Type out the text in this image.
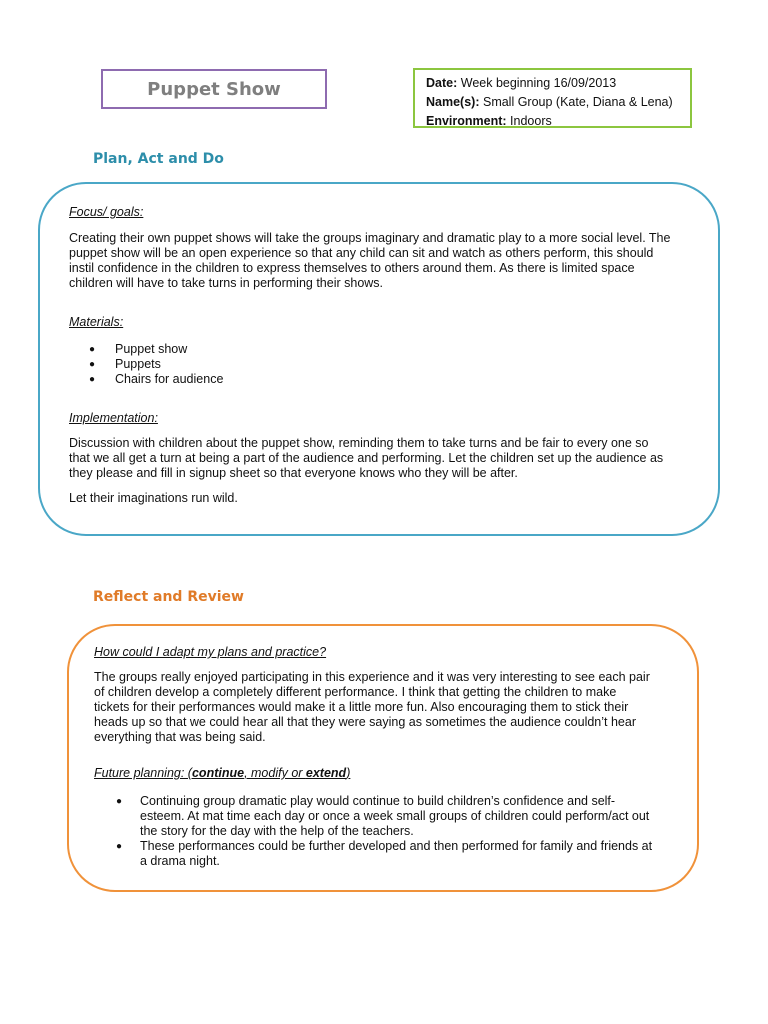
Puppet Show	Date: Week beginning 16/09/2013
Name(s): Small Group (Kate, Diana & Lena)
Environment: Indoors
Plan, Act and Do

Focus/ goals:

Creating their own puppet shows will take the groups imaginary and dramatic play to a more social level. The
puppet show will be an open experience so that any child can sit and watch as others perform, this should
instil confidence in the children to express themselves to others around them. As there is limited space
children will have to take turns in performing their shows.

Materials:

● Puppet show
● Puppets
● Chairs for audience

Implementation:

Discussion with children about the puppet show, reminding them to take turns and be fair to every one so
that we all get a turn at being a part of the audience and performing. Let the children set up the audience as
they please and fill in signup sheet so that everyone knows who they will be after.

Let their imaginations run wild.

Reflect and Review

How could I adapt my plans and practice?

The groups really enjoyed participating in this experience and it was very interesting to see each pair
of children develop a completely different performance. I think that getting the children to make
tickets for their performances would make it a little more fun. Also encouraging them to stick their
heads up so that we could hear all that they were saying as sometimes the audience couldn’t hear
everything that was being said.

Future planning: (continue, modify or extend)

● Continuing group dramatic play would continue to build children’s confidence and self-
esteem. At mat time each day or once a week small groups of children could perform/act out
the story for the day with the help of the teachers.
● These performances could be further developed and then performed for family and friends at
a drama night.
